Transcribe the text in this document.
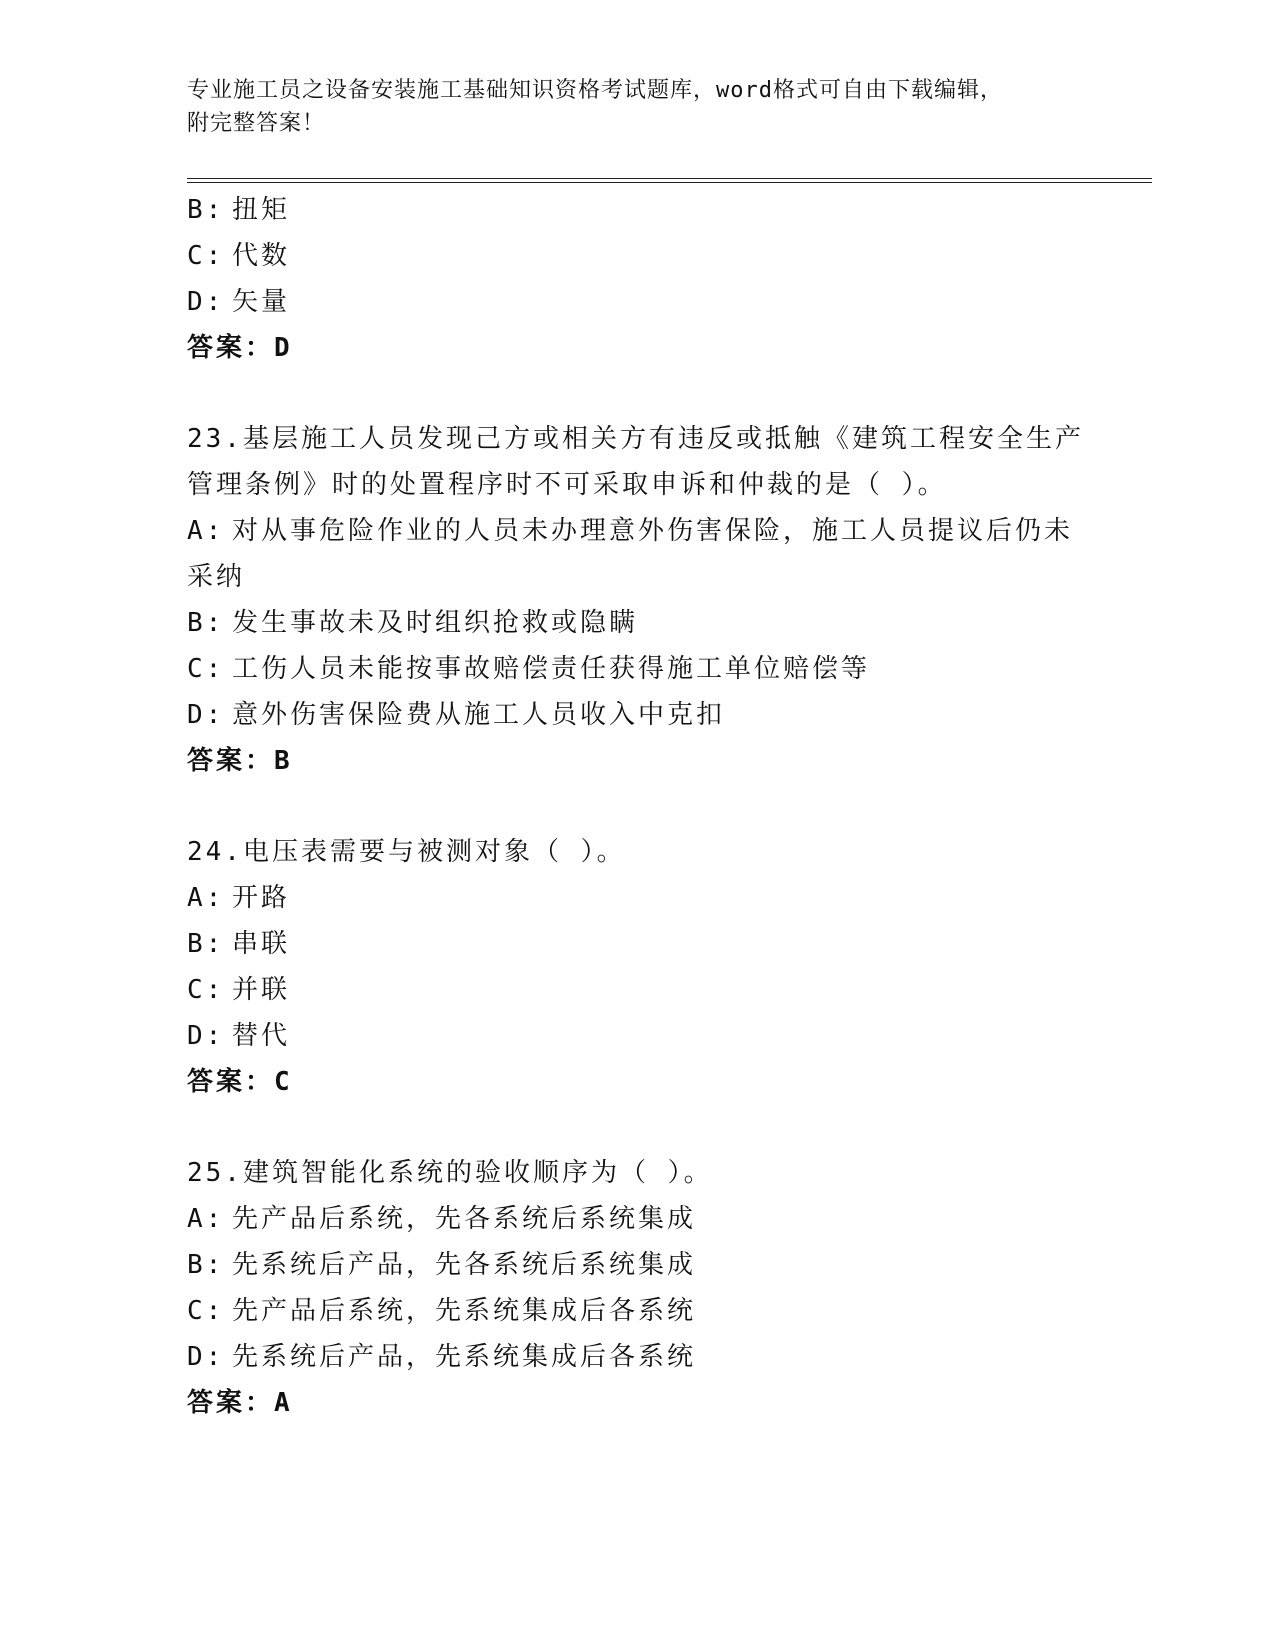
专业施工员之设备安装施工基础知识资格考试题库，word格式可自由下载编辑，
附完整答案！
B: 扭矩
C: 代数
D: 矢量
答案：D
23.基层施工人员发现己方或相关方有违反或抵触《建筑工程安全生产
管理条例》时的处置程序时不可采取申诉和仲裁的是（ ）。
A: 对从事危险作业的人员未办理意外伤害保险，施工人员提议后仍未
采纳
B: 发生事故未及时组织抢救或隐瞒
C: 工伤人员未能按事故赔偿责任获得施工单位赔偿等
D: 意外伤害保险费从施工人员收入中克扣
答案：B
24.电压表需要与被测对象（ ）。
A: 开路
B: 串联
C: 并联
D: 替代
答案：C
25.建筑智能化系统的验收顺序为（ ）。
A: 先产品后系统，先各系统后系统集成
B: 先系统后产品，先各系统后系统集成
C: 先产品后系统，先系统集成后各系统
D: 先系统后产品，先系统集成后各系统
答案：A
